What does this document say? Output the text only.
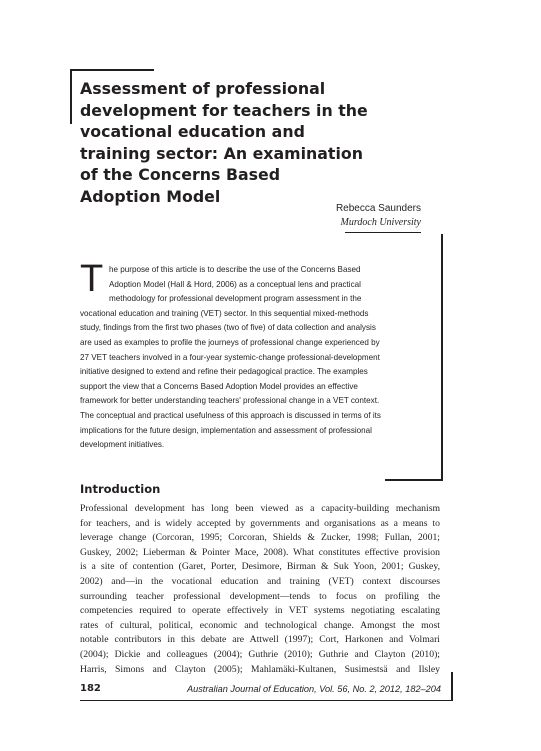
Assessment of professional
development for teachers in the
vocational education and
training sector: An examination
of the Concerns Based
Adoption Model
Rebecca Saunders
Murdoch University
T he purpose of this article is to describe the use of the Concerns Based
Adoption Model (Hall & Hord, 2006) as a conceptual lens and practical
methodology for professional development program assessment in the
vocational education and training (VET) sector. In this sequential mixed-methods
study, findings from the first two phases (two of five) of data collection and analysis
are used as examples to profile the journeys of professional change experienced by
27 VET teachers involved in a four-year systemic-change professional-development
initiative designed to extend and refine their pedagogical practice. The examples
support the view that a Concerns Based Adoption Model provides an effective
framework for better understanding teachers' professional change in a VET context.
The conceptual and practical usefulness of this approach is discussed in terms of its
implications for the future design, implementation and assessment of professional
development initiatives.
Introduction
Professional development has long been viewed as a capacity-building mechanism
for teachers, and is widely accepted by governments and organisations as a means to
leverage change (Corcoran, 1995; Corcoran, Shields & Zucker, 1998; Fullan, 2001;
Guskey, 2002; Lieberman & Pointer Mace, 2008). What constitutes effective provision
is a site of contention (Garet, Porter, Desimore, Birman & Suk Yoon, 2001; Guskey,
2002) and—in the vocational education and training (VET) context discourses
surrounding teacher professional development—tends to focus on profiling the
competencies required to operate effectively in VET systems negotiating escalating
rates of cultural, political, economic and technological change. Amongst the most
notable contributors in this debate are Attwell (1997); Cort, Harkonen and Volmari
(2004); Dickie and colleagues (2004); Guthrie (2010); Guthrie and Clayton (2010);
Harris, Simons and Clayton (2005); Mahlamäki-Kultanen, Susimestsä and Ilsley
182	Australian Journal of Education, Vol. 56, No. 2, 2012, 182–204
